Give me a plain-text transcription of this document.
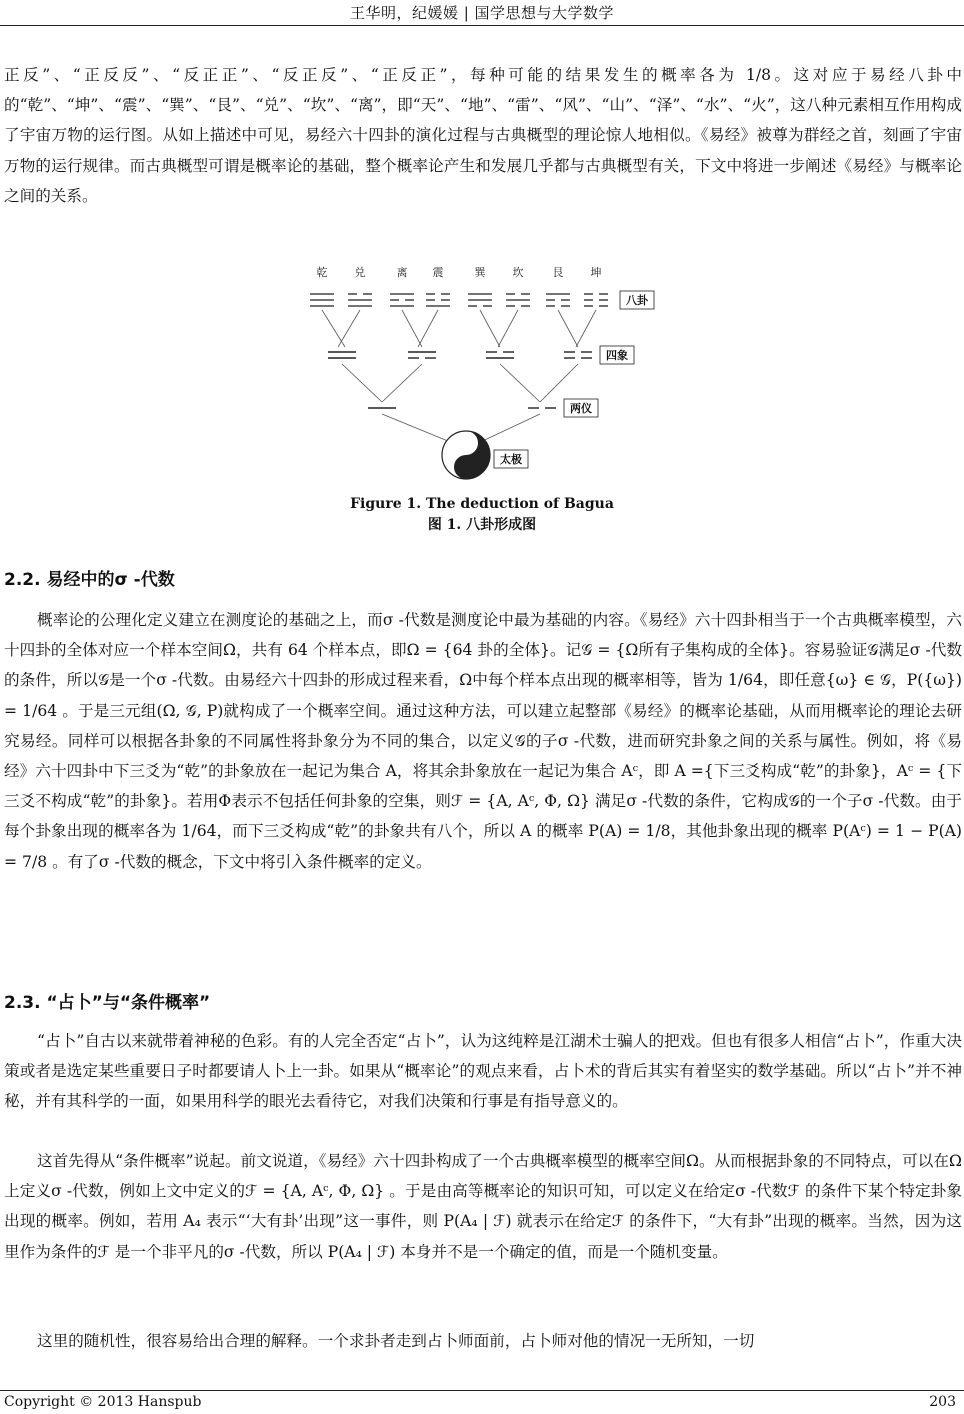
王华明，纪媛媛 | 国学思想与大学数学

正反”、“正反反”、“反正正”、“反正反”、“正反正”，每种可能的结果发生的概率各为 1/8。这对应于易经八卦中的“乾”、“坤”、“震”、“巽”、“艮”、“兑”、“坎”、“离”，即“天”、“地”、“雷”、“风”、“山”、“泽”、“水”、“火”，这八种元素相互作用构成了宇宙万物的运行图。从如上描述中可见，易经六十四卦的演化过程与古典概型的理论惊人地相似。《易经》被尊为群经之首，刻画了宇宙万物的运行规律。而古典概型可谓是概率论的基础，整个概率论产生和发展几乎都与古典概型有关，下文中将进一步阐述《易经》与概率论之间的关系。

乾 兑	离 震	巽 坎	艮 坤
八卦
四象
两仪
太极
Figure 1. The deduction of Bagua
图 1. 八卦形成图
2.2. 易经中的σ -代数

概率论的公理化定义建立在测度论的基础之上，而σ -代数是测度论中最为基础的内容。《易经》六十四卦相当于一个古典概率模型，六十四卦的全体对应一个样本空间Ω，共有 64 个样本点，即Ω = {64 卦的全体}。记𝒢 = {Ω所有子集构成的全体}。容易验证𝒢满足σ -代数的条件，所以𝒢是一个σ -代数。由易经六十四卦的形成过程来看，Ω中每个样本点出现的概率相等，皆为 1/64，即任意{ω} ∈ 𝒢，P({ω}) = 1/64 。于是三元组(Ω, 𝒢, P)就构成了一个概率空间。通过这种方法，可以建立起整部《易经》的概率论基础，从而用概率论的理论去研究易经。同样可以根据各卦象的不同属性将卦象分为不同的集合，以定义𝒢的子σ -代数，进而研究卦象之间的关系与属性。例如，将《易经》六十四卦中下三爻为“乾”的卦象放在一起记为集合 A，将其余卦象放在一起记为集合 Aᶜ，即 A ={下三爻构成“乾”的卦象}，Aᶜ = {下三爻不构成“乾”的卦象}。若用Φ表示不包括任何卦象的空集，则ℱ = {A, Aᶜ, Φ, Ω} 满足σ -代数的条件，它构成𝒢的一个子σ -代数。由于每个卦象出现的概率各为 1/64，而下三爻构成“乾”的卦象共有八个，所以 A 的概率 P(A) = 1/8，其他卦象出现的概率 P(Aᶜ) = 1 − P(A) = 7/8 。有了σ -代数的概念，下文中将引入条件概率的定义。

2.3. “占卜”与“条件概率”

“占卜”自古以来就带着神秘的色彩。有的人完全否定“占卜”，认为这纯粹是江湖术士骗人的把戏。但也有很多人相信“占卜”，作重大决策或者是选定某些重要日子时都要请人卜上一卦。如果从“概率论”的观点来看，占卜术的背后其实有着坚实的数学基础。所以“占卜”并不神秘，并有其科学的一面，如果用科学的眼光去看待它，对我们决策和行事是有指导意义的。

这首先得从“条件概率”说起。前文说道，《易经》六十四卦构成了一个古典概率模型的概率空间Ω。从而根据卦象的不同特点，可以在Ω上定义σ -代数，例如上文中定义的ℱ = {A, Aᶜ, Φ, Ω} 。于是由高等概率论的知识可知，可以定义在给定σ -代数ℱ 的条件下某个特定卦象出现的概率。例如，若用 A₄ 表示“‘大有卦’出现”这一事件，则 P(A₄ | ℱ) 就表示在给定ℱ 的条件下，“大有卦”出现的概率。当然，因为这里作为条件的ℱ 是一个非平凡的σ -代数，所以 P(A₄ | ℱ) 本身并不是一个确定的值，而是一个随机变量。

这里的随机性，很容易给出合理的解释。一个求卦者走到占卜师面前，占卜师对他的情况一无所知，一切

Copyright © 2013 Hanspub	203
